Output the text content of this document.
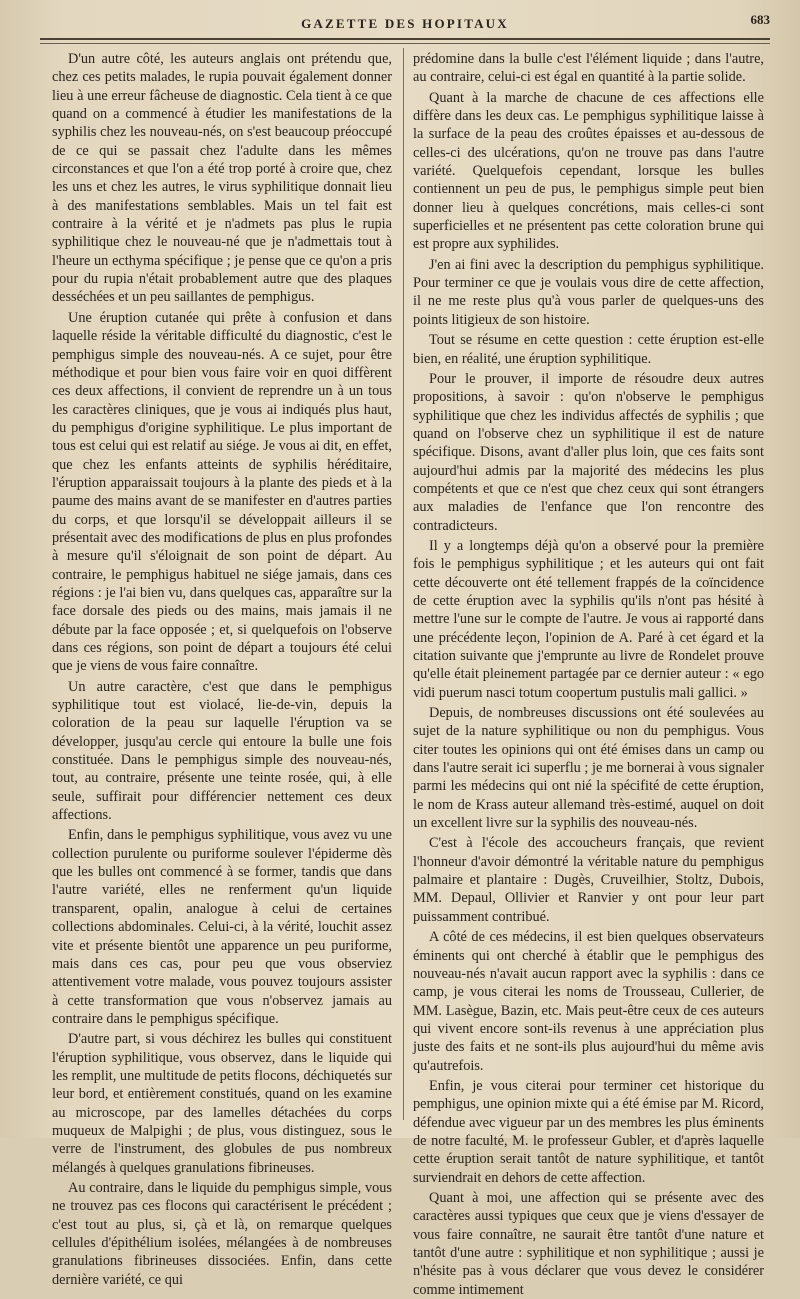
GAZETTE DES HOPITAUX	683

D'un autre côté, les auteurs anglais ont prétendu que, chez ces petits malades, le rupia pouvait également donner lieu à une erreur fâcheuse de diagnostic. Cela tient à ce que quand on a commencé à étudier les manifestations de la syphilis chez les nouveau-nés, on s'est beaucoup préoccupé de ce qui se passait chez l'adulte dans les mêmes circonstances et que l'on a été trop porté à croire que, chez les uns et chez les autres, le virus syphilitique donnait lieu à des manifestations semblables. Mais un tel fait est contraire à la vérité et je n'admets pas plus le rupia syphilitique chez le nouveau-né que je n'admettais tout à l'heure un ecthyma spécifique ; je pense que ce qu'on a pris pour du rupia n'était probablement autre que des plaques desséchées et un peu saillantes de pemphigus.

Une éruption cutanée qui prête à confusion et dans laquelle réside la véritable difficulté du diagnostic, c'est le pemphigus simple des nouveau-nés. A ce sujet, pour être méthodique et pour bien vous faire voir en quoi diffèrent ces deux affections, il convient de reprendre un à un tous les caractères cliniques, que je vous ai indiqués plus haut, du pemphigus d'origine syphilitique. Le plus important de tous est celui qui est relatif au siége. Je vous ai dit, en effet, que chez les enfants atteints de syphilis héréditaire, l'éruption apparaissait toujours à la plante des pieds et à la paume des mains avant de se manifester en d'autres parties du corps, et que lorsqu'il se développait ailleurs il se présentait avec des modifications de plus en plus profondes à mesure qu'il s'éloignait de son point de départ. Au contraire, le pemphigus habituel ne siége jamais, dans ces régions : je l'ai bien vu, dans quelques cas, apparaître sur la face dorsale des pieds ou des mains, mais jamais il ne débute par la face opposée ; et, si quelquefois on l'observe dans ces régions, son point de départ a toujours été celui que je viens de vous faire connaître.

Un autre caractère, c'est que dans le pemphigus syphilitique tout est violacé, lie-de-vin, depuis la coloration de la peau sur laquelle l'éruption va se développer, jusqu'au cercle qui entoure la bulle une fois constituée. Dans le pemphigus simple des nouveau-nés, tout, au contraire, présente une teinte rosée, qui, à elle seule, suffirait pour différencier nettement ces deux affections.

Enfin, dans le pemphigus syphilitique, vous avez vu une collection purulente ou puriforme soulever l'épiderme dès que les bulles ont commencé à se former, tandis que dans l'autre variété, elles ne renferment qu'un liquide transparent, opalin, analogue à celui de certaines collections abdominales. Celui-ci, à la vérité, louchit assez vite et présente bientôt une apparence un peu puriforme, mais dans ces cas, pour peu que vous observiez attentivement votre malade, vous pouvez toujours assister à cette transformation que vous n'observez jamais au contraire dans le pemphigus spécifique.

D'autre part, si vous déchirez les bulles qui constituent l'éruption syphilitique, vous observez, dans le liquide qui les remplit, une multitude de petits flocons, déchiquetés sur leur bord, et entièrement constitués, quand on les examine au microscope, par des lamelles détachées du corps muqueux de Malpighi ; de plus, vous distinguez, sous le verre de l'instrument, des globules de pus nombreux mélangés à quelques granulations fibrineuses.

Au contraire, dans le liquide du pemphigus simple, vous ne trouvez pas ces flocons qui caractérisent le précédent ; c'est tout au plus, si, çà et là, on remarque quelques cellules d'épithélium isolées, mélangées à de nombreuses granulations fibrineuses dissociées. Enfin, dans cette dernière variété, ce qui

prédomine dans la bulle c'est l'élément liquide ; dans l'autre, au contraire, celui-ci est égal en quantité à la partie solide.

Quant à la marche de chacune de ces affections elle diffère dans les deux cas. Le pemphigus syphilitique laisse à la surface de la peau des croûtes épaisses et au-dessous de celles-ci des ulcérations, qu'on ne trouve pas dans l'autre variété. Quelquefois cependant, lorsque les bulles contiennent un peu de pus, le pemphigus simple peut bien donner lieu à quelques concrétions, mais celles-ci sont superficielles et ne présentent pas cette coloration brune qui est propre aux syphilides.

J'en ai fini avec la description du pemphigus syphilitique. Pour terminer ce que je voulais vous dire de cette affection, il ne me reste plus qu'à vous parler de quelques-uns des points litigieux de son histoire.

Tout se résume en cette question : cette éruption est-elle bien, en réalité, une éruption syphilitique.

Pour le prouver, il importe de résoudre deux autres propositions, à savoir : qu'on n'observe le pemphigus syphilitique que chez les individus affectés de syphilis ; que quand on l'observe chez un syphilitique il est de nature spécifique. Disons, avant d'aller plus loin, que ces faits sont aujourd'hui admis par la majorité des médecins les plus compétents et que ce n'est que chez ceux qui sont étrangers aux maladies de l'enfance que l'on rencontre des contradicteurs.

Il y a longtemps déjà qu'on a observé pour la première fois le pemphigus syphilitique ; et les auteurs qui ont fait cette découverte ont été tellement frappés de la coïncidence de cette éruption avec la syphilis qu'ils n'ont pas hésité à mettre l'une sur le compte de l'autre. Je vous ai rapporté dans une précédente leçon, l'opinion de A. Paré à cet égard et la citation suivante que j'emprunte au livre de Rondelet prouve qu'elle était pleinement partagée par ce dernier auteur : « ego vidi puerum nasci totum coopertum pustulis mali gallici. »

Depuis, de nombreuses discussions ont été soulevées au sujet de la nature syphilitique ou non du pemphigus. Vous citer toutes les opinions qui ont été émises dans un camp ou dans l'autre serait ici superflu ; je me bornerai à vous signaler parmi les médecins qui ont nié la spécifité de cette éruption, le nom de Krass auteur allemand très-estimé, auquel on doit un excellent livre sur la syphilis des nouveau-nés.

C'est à l'école des accoucheurs français, que revient l'honneur d'avoir démontré la véritable nature du pemphigus palmaire et plantaire : Dugès, Cruveilhier, Stoltz, Dubois, MM. Depaul, Ollivier et Ranvier y ont pour leur part puissamment contribué.

A côté de ces médecins, il est bien quelques observateurs éminents qui ont cherché à établir que le pemphigus des nouveau-nés n'avait aucun rapport avec la syphilis : dans ce camp, je vous citerai les noms de Trousseau, Cullerier, de MM. Lasègue, Bazin, etc. Mais peut-être ceux de ces auteurs qui vivent encore sont-ils revenus à une appréciation plus juste des faits et ne sont-ils plus aujourd'hui du même avis qu'autrefois.

Enfin, je vous citerai pour terminer cet historique du pemphigus, une opinion mixte qui a été émise par M. Ricord, défendue avec vigueur par un des membres les plus éminents de notre faculté, M. le professeur Gubler, et d'après laquelle cette éruption serait tantôt de nature syphilitique, et tantôt surviendrait en dehors de cette affection.

Quant à moi, une affection qui se présente avec des caractères aussi typiques que ceux que je viens d'essayer de vous faire connaître, ne saurait être tantôt d'une nature et tantôt d'une autre : syphilitique et non syphilitique ; aussi je n'hésite pas à vous déclarer que vous devez le considérer comme intimement
